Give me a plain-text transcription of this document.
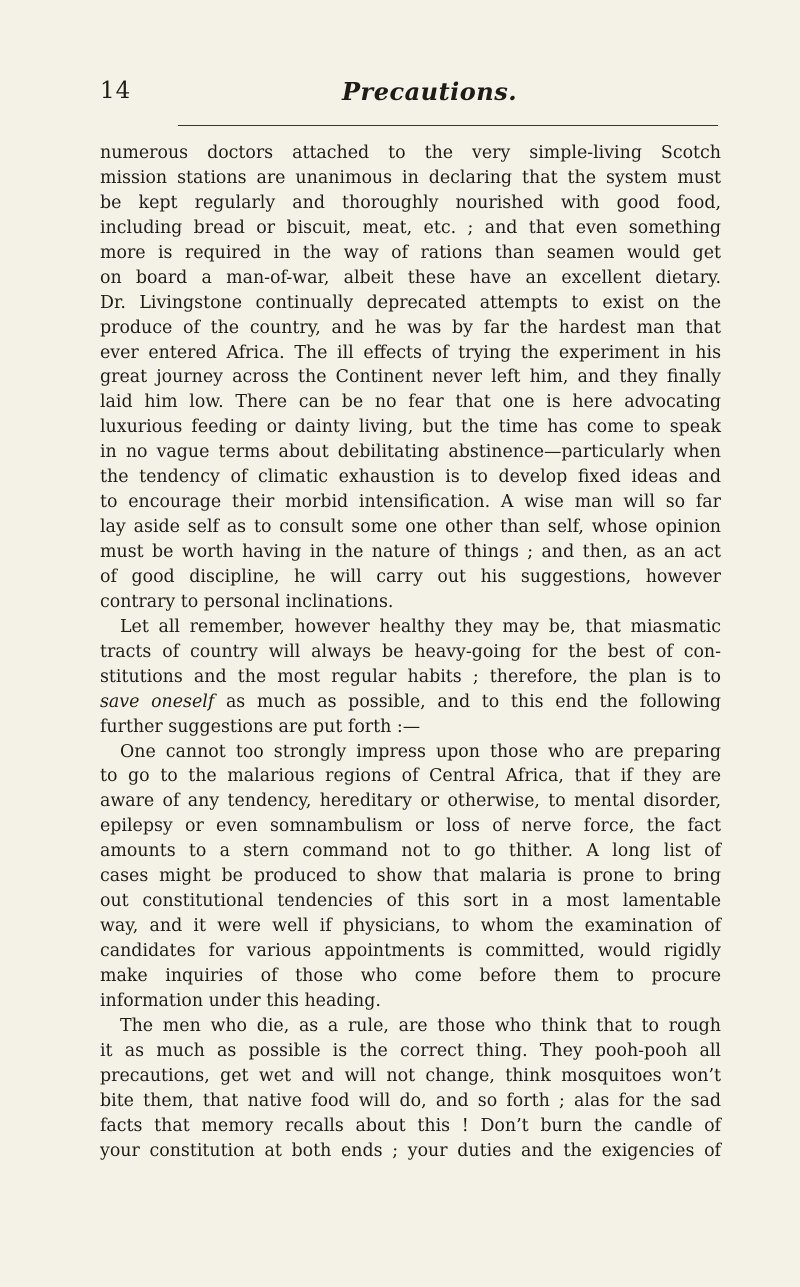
14	Precautions.
numerous doctors attached to the very simple-living Scotch
mission stations are unanimous in declaring that the system must
be kept regularly and thoroughly nourished with good food,
including bread or biscuit, meat, etc. ; and that even something
more is required in the way of rations than seamen would get
on board a man-of-war, albeit these have an excellent dietary.
Dr. Livingstone continually deprecated attempts to exist on the
produce of the country, and he was by far the hardest man that
ever entered Africa. The ill effects of trying the experiment in his
great journey across the Continent never left him, and they finally
laid him low. There can be no fear that one is here advocating
luxurious feeding or dainty living, but the time has come to speak
in no vague terms about debilitating abstinence—particularly when
the tendency of climatic exhaustion is to develop fixed ideas and
to encourage their morbid intensification. A wise man will so far
lay aside self as to consult some one other than self, whose opinion
must be worth having in the nature of things ; and then, as an act
of good discipline, he will carry out his suggestions, however
contrary to personal inclinations.
Let all remember, however healthy they may be, that miasmatic
tracts of country will always be heavy-going for the best of con-
stitutions and the most regular habits ; therefore, the plan is to
save oneself as much as possible, and to this end the following
further suggestions are put forth :—
One cannot too strongly impress upon those who are preparing
to go to the malarious regions of Central Africa, that if they are
aware of any tendency, hereditary or otherwise, to mental disorder,
epilepsy or even somnambulism or loss of nerve force, the fact
amounts to a stern command not to go thither. A long list of
cases might be produced to show that malaria is prone to bring
out constitutional tendencies of this sort in a most lamentable
way, and it were well if physicians, to whom the examination of
candidates for various appointments is committed, would rigidly
make inquiries of those who come before them to procure
information under this heading.
The men who die, as a rule, are those who think that to rough
it as much as possible is the correct thing. They pooh-pooh all
precautions, get wet and will not change, think mosquitoes won’t
bite them, that native food will do, and so forth ; alas for the sad
facts that memory recalls about this ! Don’t burn the candle of
your constitution at both ends ; your duties and the exigencies of
